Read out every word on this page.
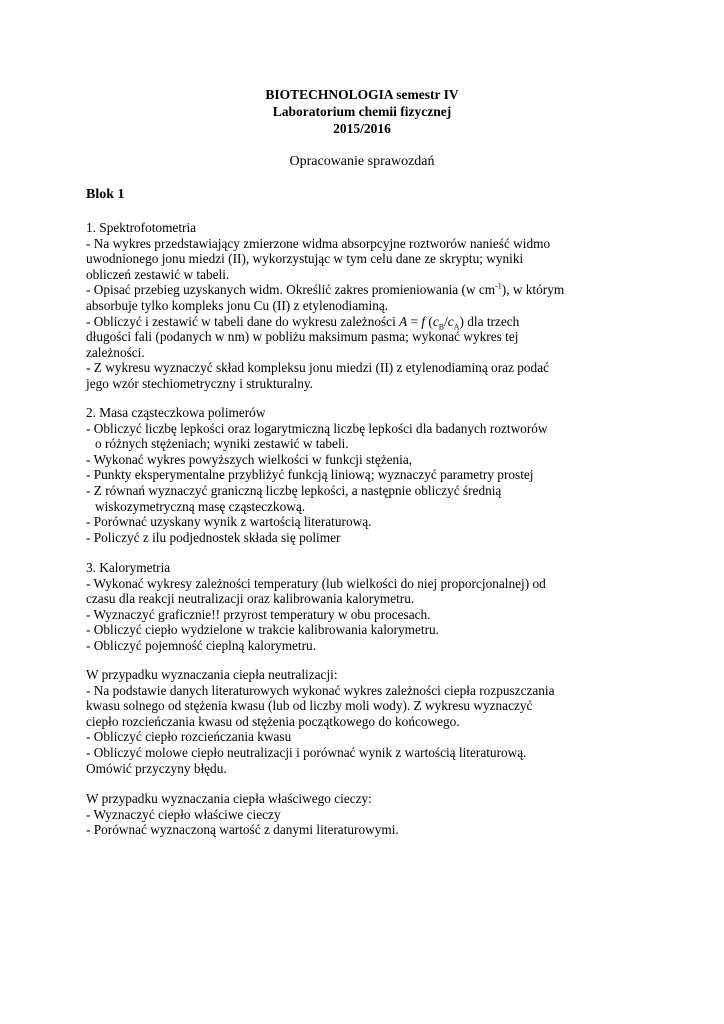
BIOTECHNOLOGIA semestr IV
Laboratorium chemii fizycznej
2015/2016
Opracowanie sprawozdań
Blok 1
1. Spektrofotometria
- Na wykres przedstawiający zmierzone widma absorpcyjne roztworów nanieść widmo
uwodnionego jonu miedzi (II), wykorzystując w tym celu dane ze skryptu; wyniki
obliczeń zestawić w tabeli.
- Opisać przebieg uzyskanych widm. Określić zakres promieniowania (w $cm^{-1}$), w którym
absorbuje tylko kompleks jonu Cu (II) z etylenodiaminą.
- Obliczyć i zestawić w tabeli dane do wykresu zależności A = f $(c_B/c_A)$ dla trzech
długości fali (podanych w nm) w pobliżu maksimum pasma; wykonać wykres tej
zależności.
- Z wykresu wyznaczyć skład kompleksu jonu miedzi (II) z etylenodiaminą oraz podać
jego wzór stechiometryczny i strukturalny.
2. Masa cząsteczkowa polimerów
- Obliczyć liczbę lepkości oraz logarytmiczną liczbę lepkości dla badanych roztworów
o różnych stężeniach; wyniki zestawić w tabeli.
- Wykonać wykres powyższych wielkości w funkcji stężenia,
- Punkty eksperymentalne przybliżyć funkcją liniową; wyznaczyć parametry prostej
- Z równań wyznaczyć graniczną liczbę lepkości, a następnie obliczyć średnią
wiskozymetryczną masę cząsteczkową.
- Porównać uzyskany wynik z wartością literaturową.
- Policzyć z ilu podjednostek składa się polimer
3. Kalorymetria
- Wykonać wykresy zależności temperatury (lub wielkości do niej proporcjonalnej) od
czasu dla reakcji neutralizacji oraz kalibrowania kalorymetru.
- Wyznaczyć graficznie!! przyrost temperatury w obu procesach.
- Obliczyć ciepło wydzielone w trakcie kalibrowania kalorymetru.
- Obliczyć pojemność cieplną kalorymetru.
W przypadku wyznaczania ciepła neutralizacji:
- Na podstawie danych literaturowych wykonać wykres zależności ciepła rozpuszczania
kwasu solnego od stężenia kwasu (lub od liczby moli wody). Z wykresu wyznaczyć
ciepło rozcieńczania kwasu od stężenia początkowego do końcowego.
- Obliczyć ciepło rozcieńczania kwasu
- Obliczyć molowe ciepło neutralizacji i porównać wynik z wartością literaturową.
Omówić przyczyny błędu.
W przypadku wyznaczania ciepła właściwego cieczy:
- Wyznaczyć ciepło właściwe cieczy
- Porównać wyznaczoną wartość z danymi literaturowymi.
